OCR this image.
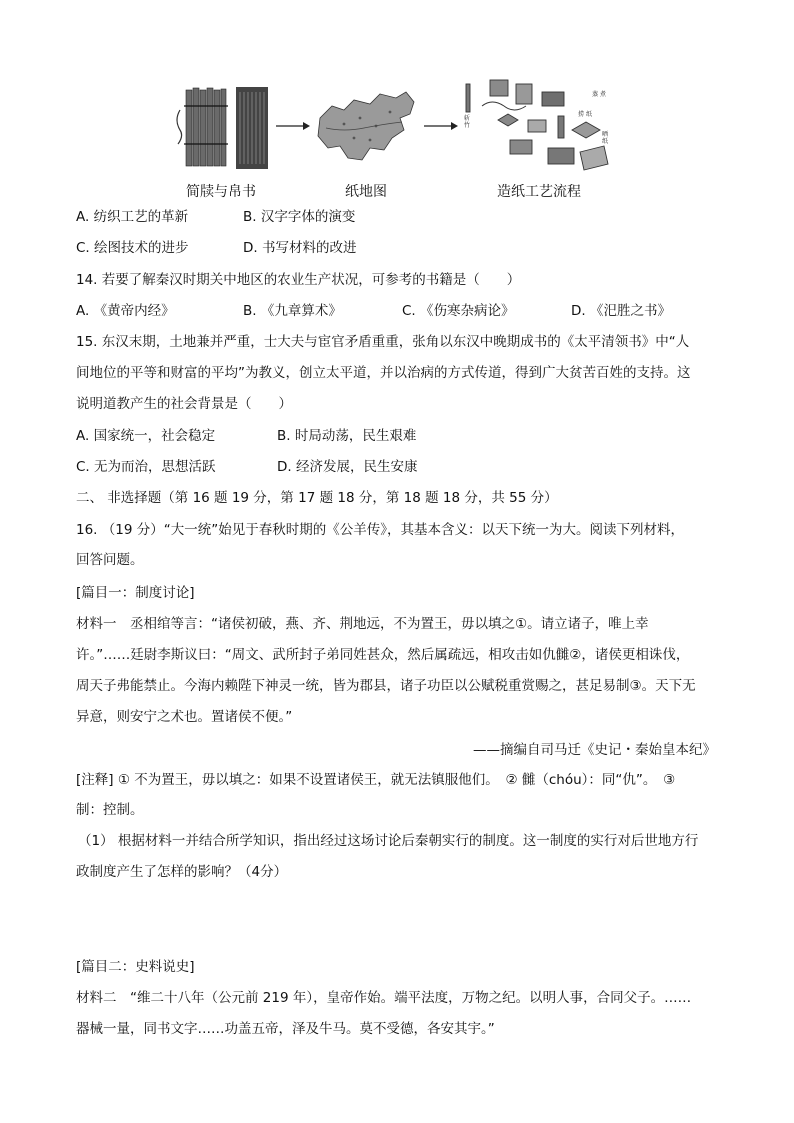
简牍与帛书	纸地图
斩
竹
蒸 煮
捞 纸
晒
纸
造纸工艺流程
A. 纺织工艺的革新	B. 汉字字体的演变
C. 绘图技术的进步	D. 书写材料的改进
14. 若要了解秦汉时期关中地区的农业生产状况，可参考的书籍是（　　）
A. 《黄帝内经》	B. 《九章算术》	C. 《伤寒杂病论》	D. 《汜胜之书》
15. 东汉末期，土地兼并严重，士大夫与宦官矛盾重重，张角以东汉中晚期成书的《太平清领书》中“人
间地位的平等和财富的平均”为教义，创立太平道，并以治病的方式传道，得到广大贫苦百姓的支持。这
说明道教产生的社会背景是（　　）
A. 国家统一，社会稳定	B. 时局动荡，民生艰难
C. 无为而治，思想活跃	D. 经济发展，民生安康
二、 非选择题（第 16 题 19 分，第 17 题 18 分，第 18 题 18 分，共 55 分）
16. （19 分）“大一统”始见于春秋时期的《公羊传》，其基本含义：以天下统一为大。阅读下列材料，
回答问题。
[篇目一：制度讨论]
材料一　丞相绾等言：“诸侯初破，燕、齐、荆地远，不为置王，毋以填之①。请立诸子，唯上幸
许。”……廷尉李斯议曰：“周文、武所封子弟同姓甚众，然后属疏远，相攻击如仇雠②，诸侯更相诛伐，
周天子弗能禁止。今海内赖陛下神灵一统，皆为郡县，诸子功臣以公赋税重赏赐之，甚足易制③。天下无
异意，则安宁之术也。置诸侯不便。”
——摘编自司马迁《史记・秦始皇本纪》
[注释] ① 不为置王，毋以填之：如果不设置诸侯王，就无法镇服他们。　② 雠（chóu）：同“仇”。　③
制：控制。
（1） 根据材料一并结合所学知识，指出经过这场讨论后秦朝实行的制度。这一制度的实行对后世地方行
政制度产生了怎样的影响？（4分）
[篇目二：史料说史]
材料二　“维二十八年（公元前 219 年），皇帝作始。端平法度，万物之纪。以明人事，合同父子。……
器械一量，同书文字……功盖五帝，泽及牛马。莫不受德，各安其宇。”
